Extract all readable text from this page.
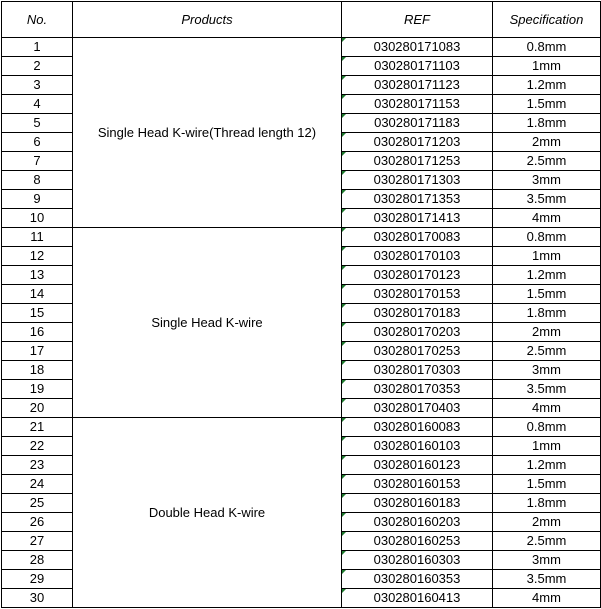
No.	Products	REF	Specification
1	Single Head K-wire(Thread length 12)	030280171083	0.8mm
2		030280171103	1mm
3		030280171123	1.2mm
4		030280171153	1.5mm
5		030280171183	1.8mm
6		030280171203	2mm
7		030280171253	2.5mm
8		030280171303	3mm
9		030280171353	3.5mm
10		030280171413	4mm
11	Single Head K-wire	030280170083	0.8mm
12		030280170103	1mm
13		030280170123	1.2mm
14		030280170153	1.5mm
15		030280170183	1.8mm
16		030280170203	2mm
17		030280170253	2.5mm
18		030280170303	3mm
19		030280170353	3.5mm
20		030280170403	4mm
21	Double Head K-wire	030280160083	0.8mm
22		030280160103	1mm
23		030280160123	1.2mm
24		030280160153	1.5mm
25		030280160183	1.8mm
26		030280160203	2mm
27		030280160253	2.5mm
28		030280160303	3mm
29		030280160353	3.5mm
30		030280160413	4mm
